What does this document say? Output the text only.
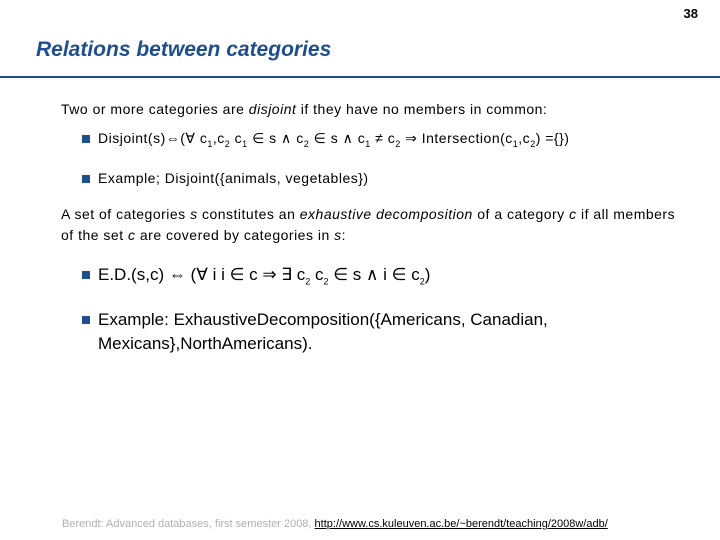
38
Relations between categories

Two or more categories are disjoint if they have no members in common:

Disjoint(s)⇔(∀ $c_1,c_2$ $c_1$ ∈ s ∧ $c_2$ ∈ s ∧ $c_1 \ne c_2$ ⇒ $Intersection(c_1,c_2)$ ={})
Example; Disjoint({animals, vegetables})

A set of categories s constitutes an exhaustive decomposition of a category c if all members of the set c are covered by categories in s:

E.D.(s,c) ⇔ (∀ i i ∈ c ⇒ ∃ $c_2$ $c_2$ ∈ s ∧ i ∈ $c_2$)
Example: ExhaustiveDecomposition({Americans, Canadian, Mexicans},NorthAmericans).
Berendt: Advanced databases, first semester 2008, http://www.cs.kuleuven.ac.be/~berendt/teaching/2008w/adb/
